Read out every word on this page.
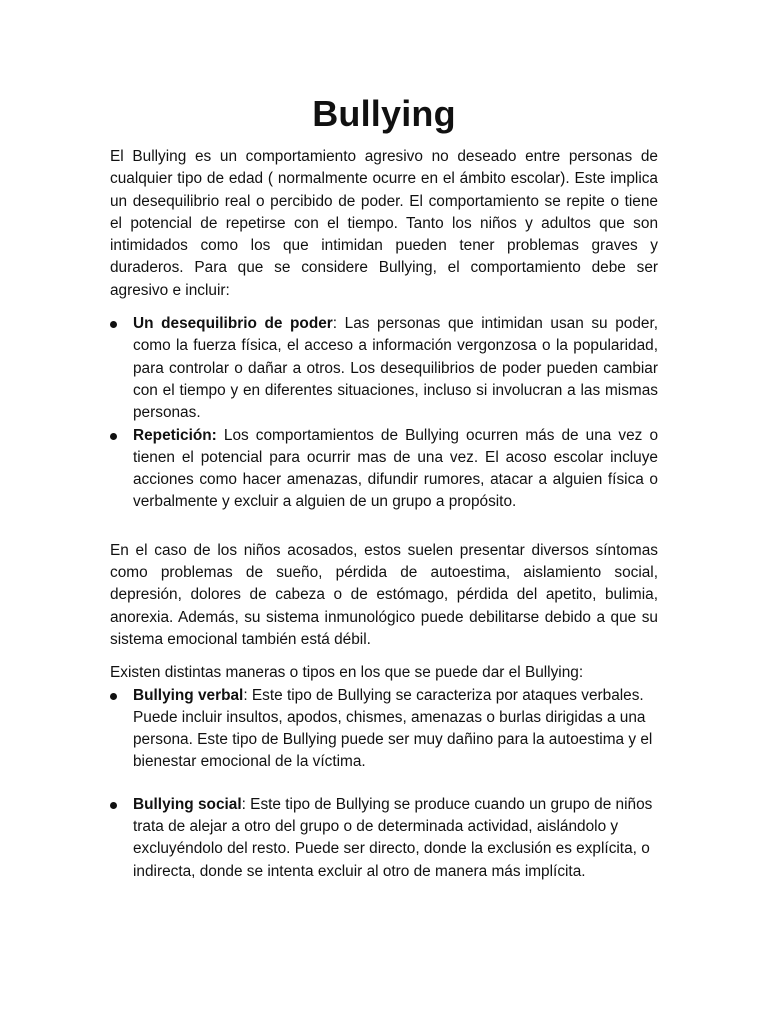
Bullying

El Bullying es un comportamiento agresivo no deseado entre personas de cualquier tipo de edad ( normalmente ocurre en el ámbito escolar). Este implica un desequilibrio real o percibido de poder. El comportamiento se repite o tiene el potencial de repetirse con el tiempo. Tanto los niños y adultos que son intimidados como los que intimidan pueden tener problemas graves y duraderos. Para que se considere Bullying, el comportamiento debe ser agresivo e incluir:

Un desequilibrio de poder: Las personas que intimidan usan su poder, como la fuerza física, el acceso a información vergonzosa o la popularidad, para controlar o dañar a otros. Los desequilibrios de poder pueden cambiar con el tiempo y en diferentes situaciones, incluso si involucran a las mismas personas.
Repetición: Los comportamientos de Bullying ocurren más de una vez o tienen el potencial para ocurrir mas de una vez. El acoso escolar incluye acciones como hacer amenazas, difundir rumores, atacar a alguien física o verbalmente y excluir a alguien de un grupo a propósito.

En el caso de los niños acosados, estos suelen presentar diversos síntomas como problemas de sueño, pérdida de autoestima, aislamiento social, depresión, dolores de cabeza o de estómago, pérdida del apetito, bulimia, anorexia. Además, su sistema inmunológico puede debilitarse debido a que su sistema emocional también está débil.

Existen distintas maneras o tipos en los que se puede dar el Bullying:

Bullying verbal: Este tipo de Bullying se caracteriza por ataques verbales. Puede incluir insultos, apodos, chismes, amenazas o burlas dirigidas a una persona. Este tipo de Bullying puede ser muy dañino para la autoestima y el bienestar emocional de la víctima.
Bullying social: Este tipo de Bullying se produce cuando un grupo de niños trata de alejar a otro del grupo o de determinada actividad, aislándolo y excluyéndolo del resto. Puede ser directo, donde la exclusión es explícita, o indirecta, donde se intenta excluir al otro de manera más implícita.
